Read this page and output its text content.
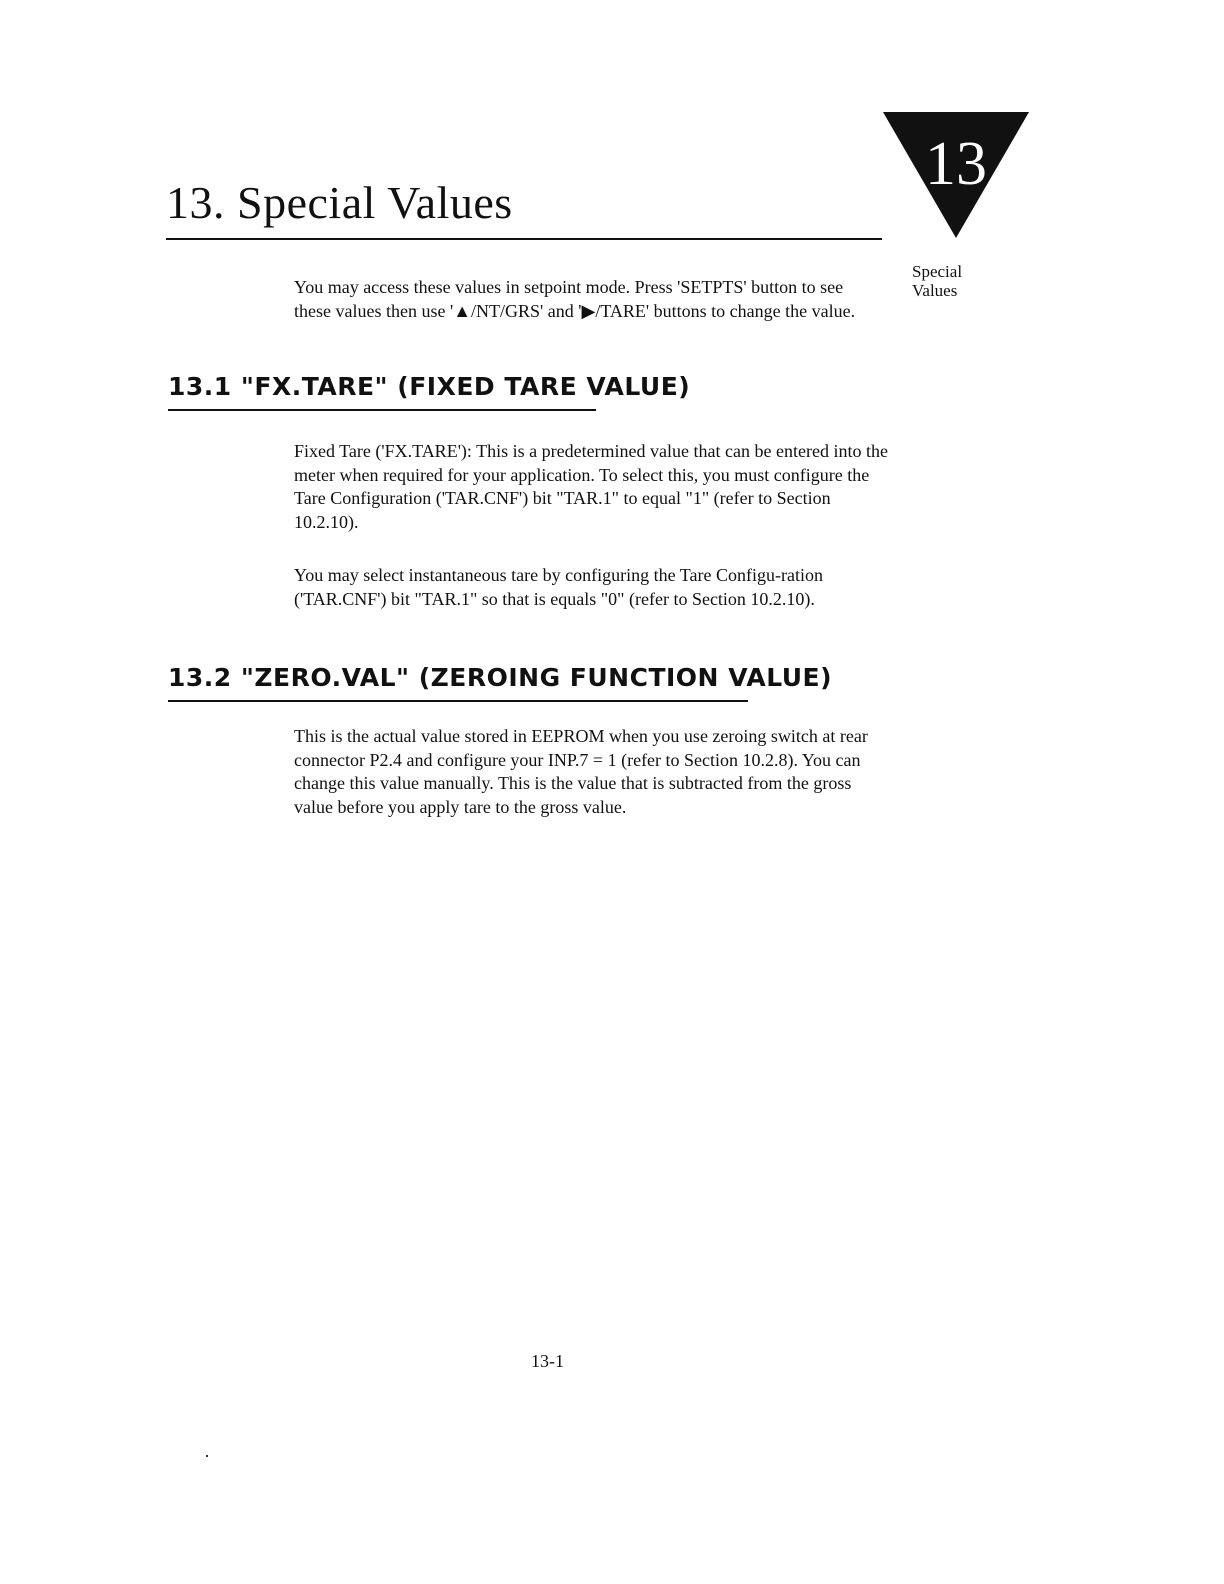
13. Special Values
13
Special
Values

You may access these values in setpoint mode. Press 'SETPTS' button to see these values then use '▲/NT/GRS' and '▶/TARE' buttons to change the value.

13.1 "FX.TARE" (FIXED TARE VALUE)

Fixed Tare ('FX.TARE'): This is a predetermined value that can be entered into the meter when required for your application. To select this, you must configure the Tare Configuration ('TAR.CNF') bit "TAR.1" to equal "1" (refer to Section 10.2.10).

You may select instantaneous tare by configuring the Tare Configu-ration ('TAR.CNF') bit "TAR.1" so that is equals "0" (refer to Section 10.2.10).

13.2 "ZERO.VAL" (ZEROING FUNCTION VALUE)

This is the actual value stored in EEPROM when you use zeroing switch at rear connector P2.4 and configure your INP.7 = 1 (refer to Section 10.2.8). You can change this value manually. This is the value that is subtracted from the gross value before you apply tare to the gross value.

13-1
